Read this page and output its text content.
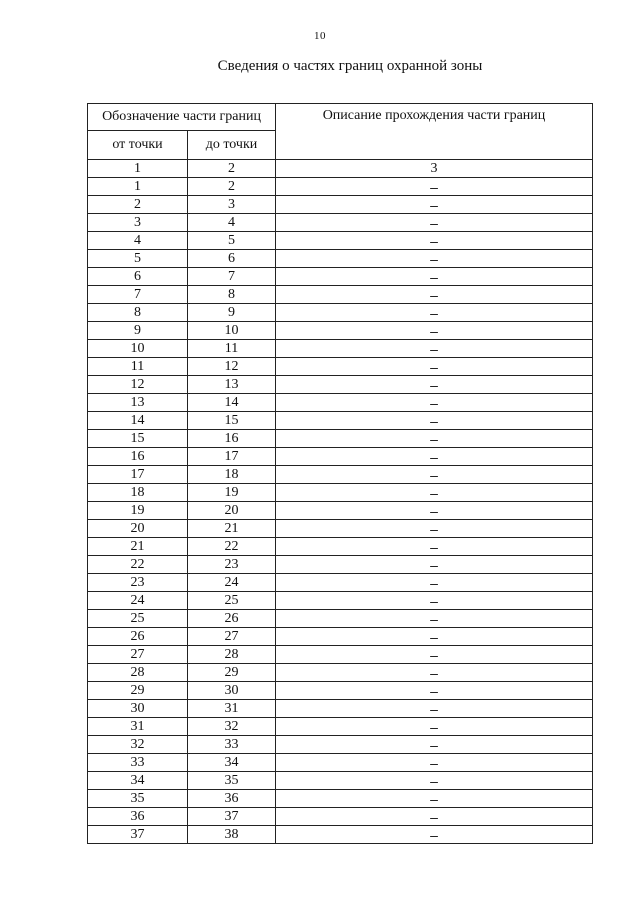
10
Сведения о частях границ охранной зоны
Обозначение части границ		Описание прохождения части границ
от точки	до точки	
1	2	3
1	2	–
2	3	–
3	4	–
4	5	–
5	6	–
6	7	–
7	8	–
8	9	–
9	10	–
10	11	–
11	12	–
12	13	–
13	14	–
14	15	–
15	16	–
16	17	–
17	18	–
18	19	–
19	20	–
20	21	–
21	22	–
22	23	–
23	24	–
24	25	–
25	26	–
26	27	–
27	28	–
28	29	–
29	30	–
30	31	–
31	32	–
32	33	–
33	34	–
34	35	–
35	36	–
36	37	–
37	38	–
